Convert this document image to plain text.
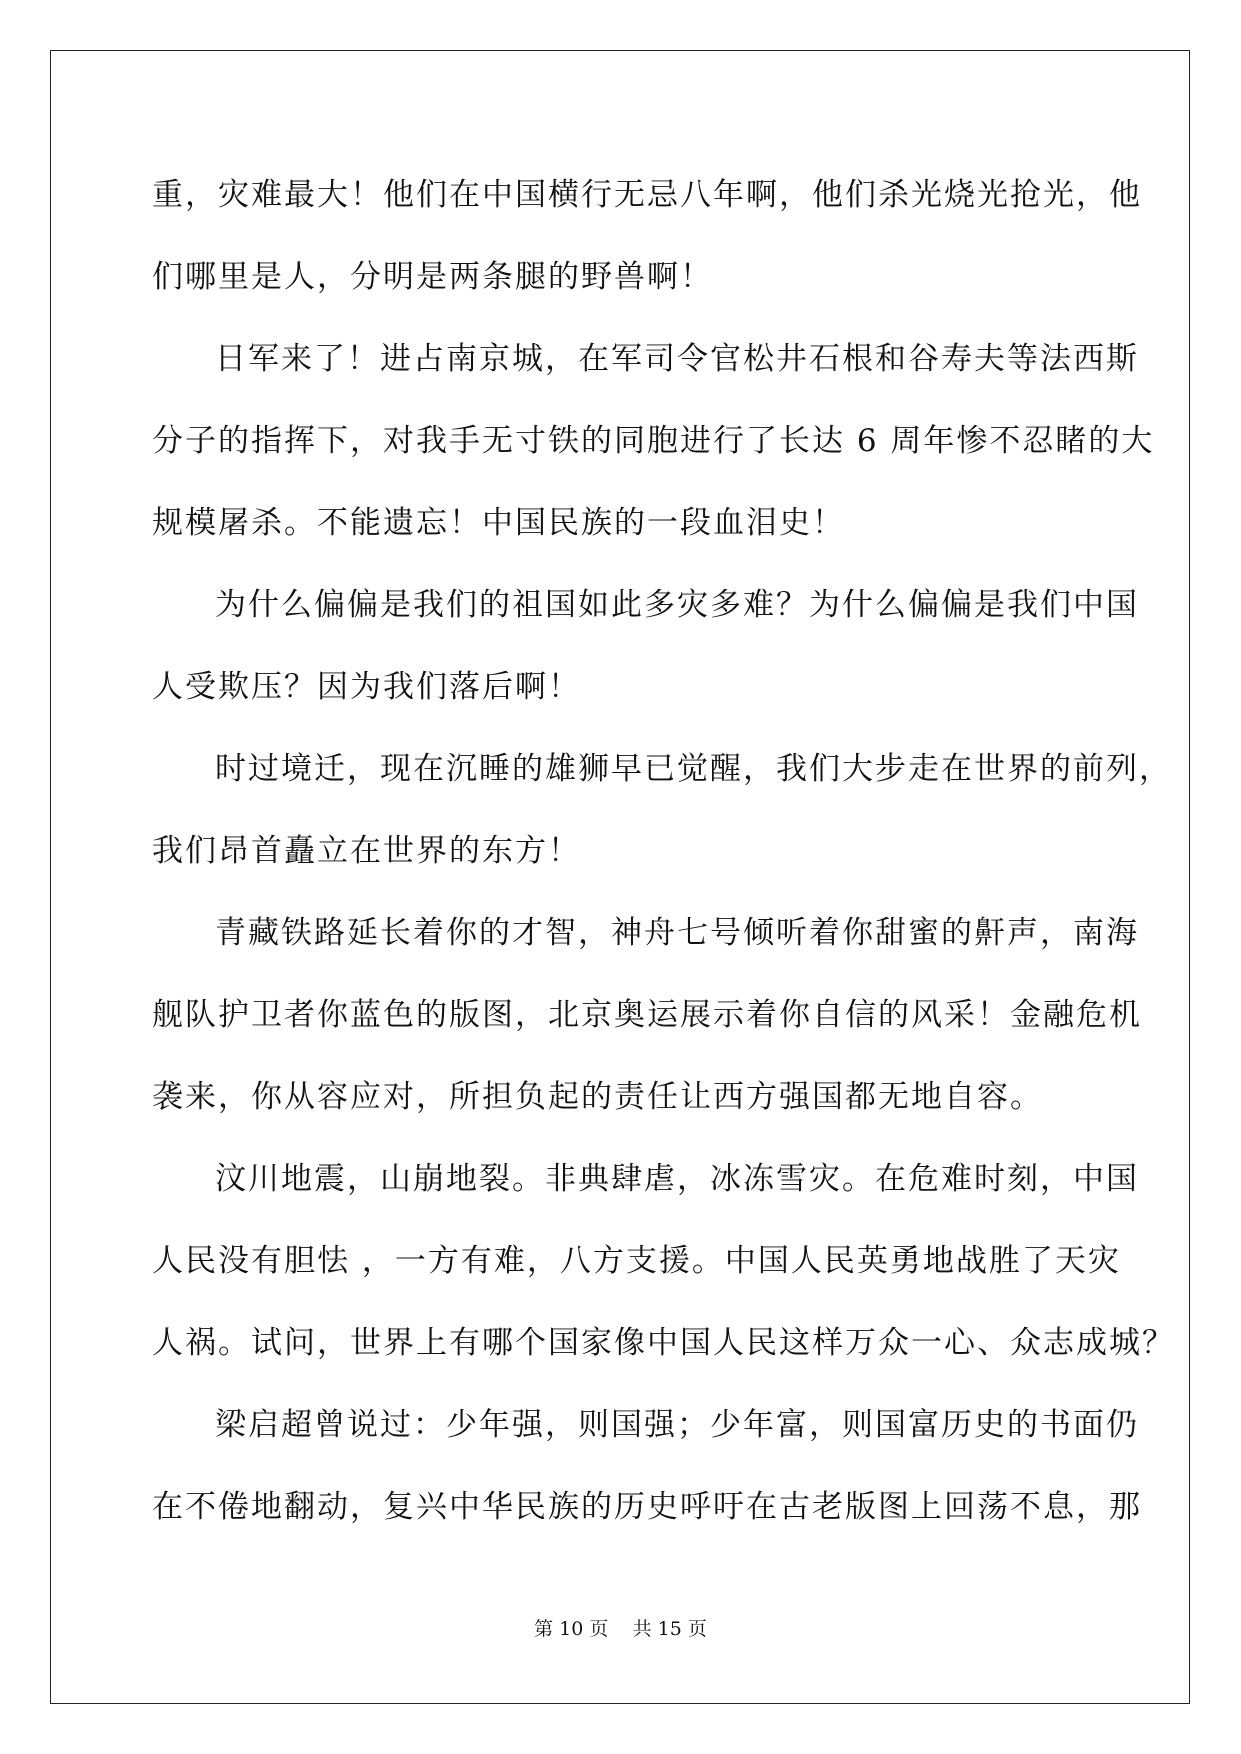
重，灾难最大！他们在中国横行无忌八年啊，他们杀光烧光抢光，他
们哪里是人，分明是两条腿的野兽啊！
日军来了！进占南京城，在军司令官松井石根和谷寿夫等法西斯
分子的指挥下，对我手无寸铁的同胞进行了长达 6 周年惨不忍睹的大
规模屠杀。不能遗忘！中国民族的一段血泪史！
为什么偏偏是我们的祖国如此多灾多难？为什么偏偏是我们中国
人受欺压？因为我们落后啊！
时过境迁，现在沉睡的雄狮早已觉醒，我们大步走在世界的前列，
我们昂首矗立在世界的东方！
青藏铁路延长着你的才智，神舟七号倾听着你甜蜜的鼾声，南海
舰队护卫者你蓝色的版图，北京奥运展示着你自信的风采！金融危机
袭来，你从容应对，所担负起的责任让西方强国都无地自容。
汶川地震，山崩地裂。非典肆虐，冰冻雪灾。在危难时刻，中国
人民没有胆怯 ，一方有难，八方支援。中国人民英勇地战胜了天灾
人祸。试问，世界上有哪个国家像中国人民这样万众一心、众志成城？
梁启超曾说过：少年强，则国强；少年富，则国富历史的书面仍
在不倦地翻动，复兴中华民族的历史呼吁在古老版图上回荡不息，那
第 10 页 共 15 页
